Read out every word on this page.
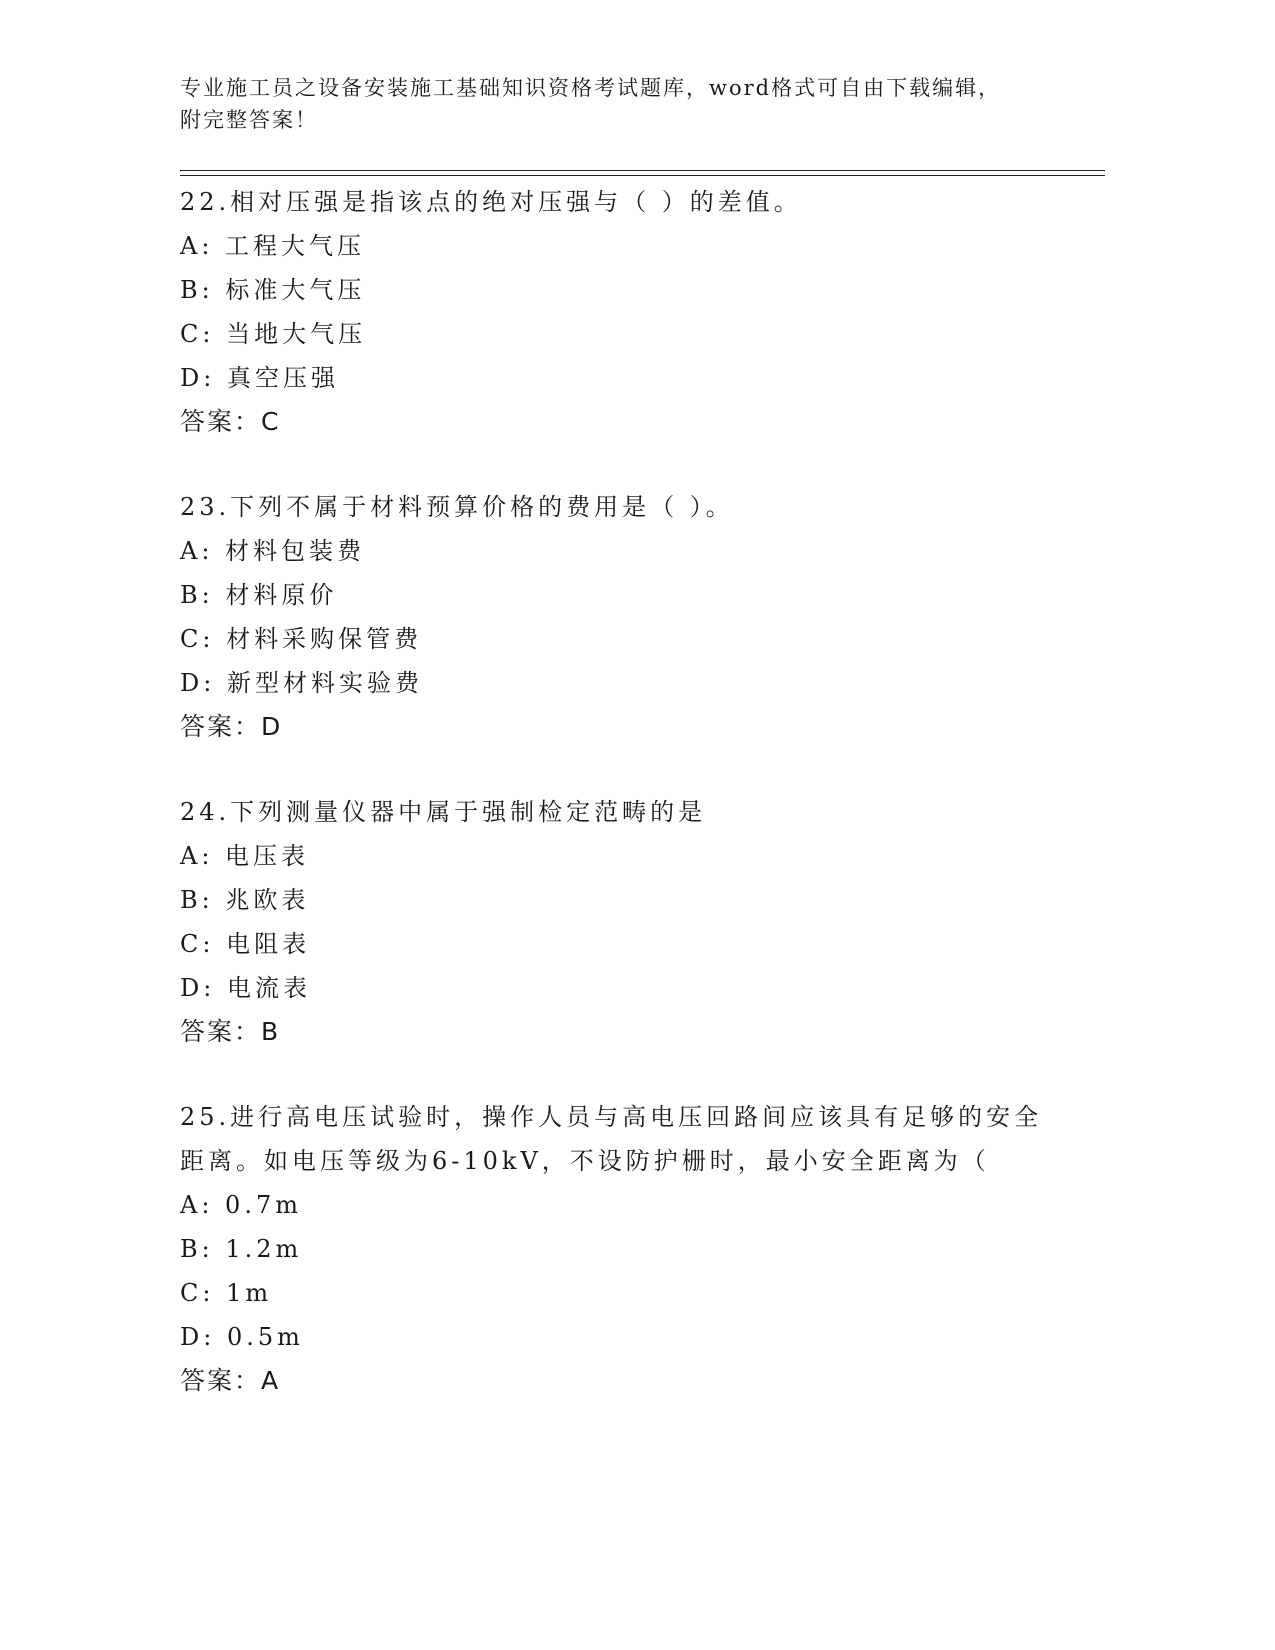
专业施工员之设备安装施工基础知识资格考试题库，word格式可自由下载编辑，
附完整答案！

22.相对压强是指该点的绝对压强与（ ）的差值。

A: 工程大气压
B: 标准大气压
C: 当地大气压
D: 真空压强

答案：C

23.下列不属于材料预算价格的费用是（ ）。

A: 材料包装费
B: 材料原价
C: 材料采购保管费
D: 新型材料实验费

答案：D

24.下列测量仪器中属于强制检定范畴的是

A: 电压表
B: 兆欧表
C: 电阻表
D: 电流表

答案：B

25.进行高电压试验时，操作人员与高电压回路间应该具有足够的安全

距离。如电压等级为6-10kV，不设防护栅时，最小安全距离为（

A: 0.7m
B: 1.2m
C: 1m
D: 0.5m

答案：A
